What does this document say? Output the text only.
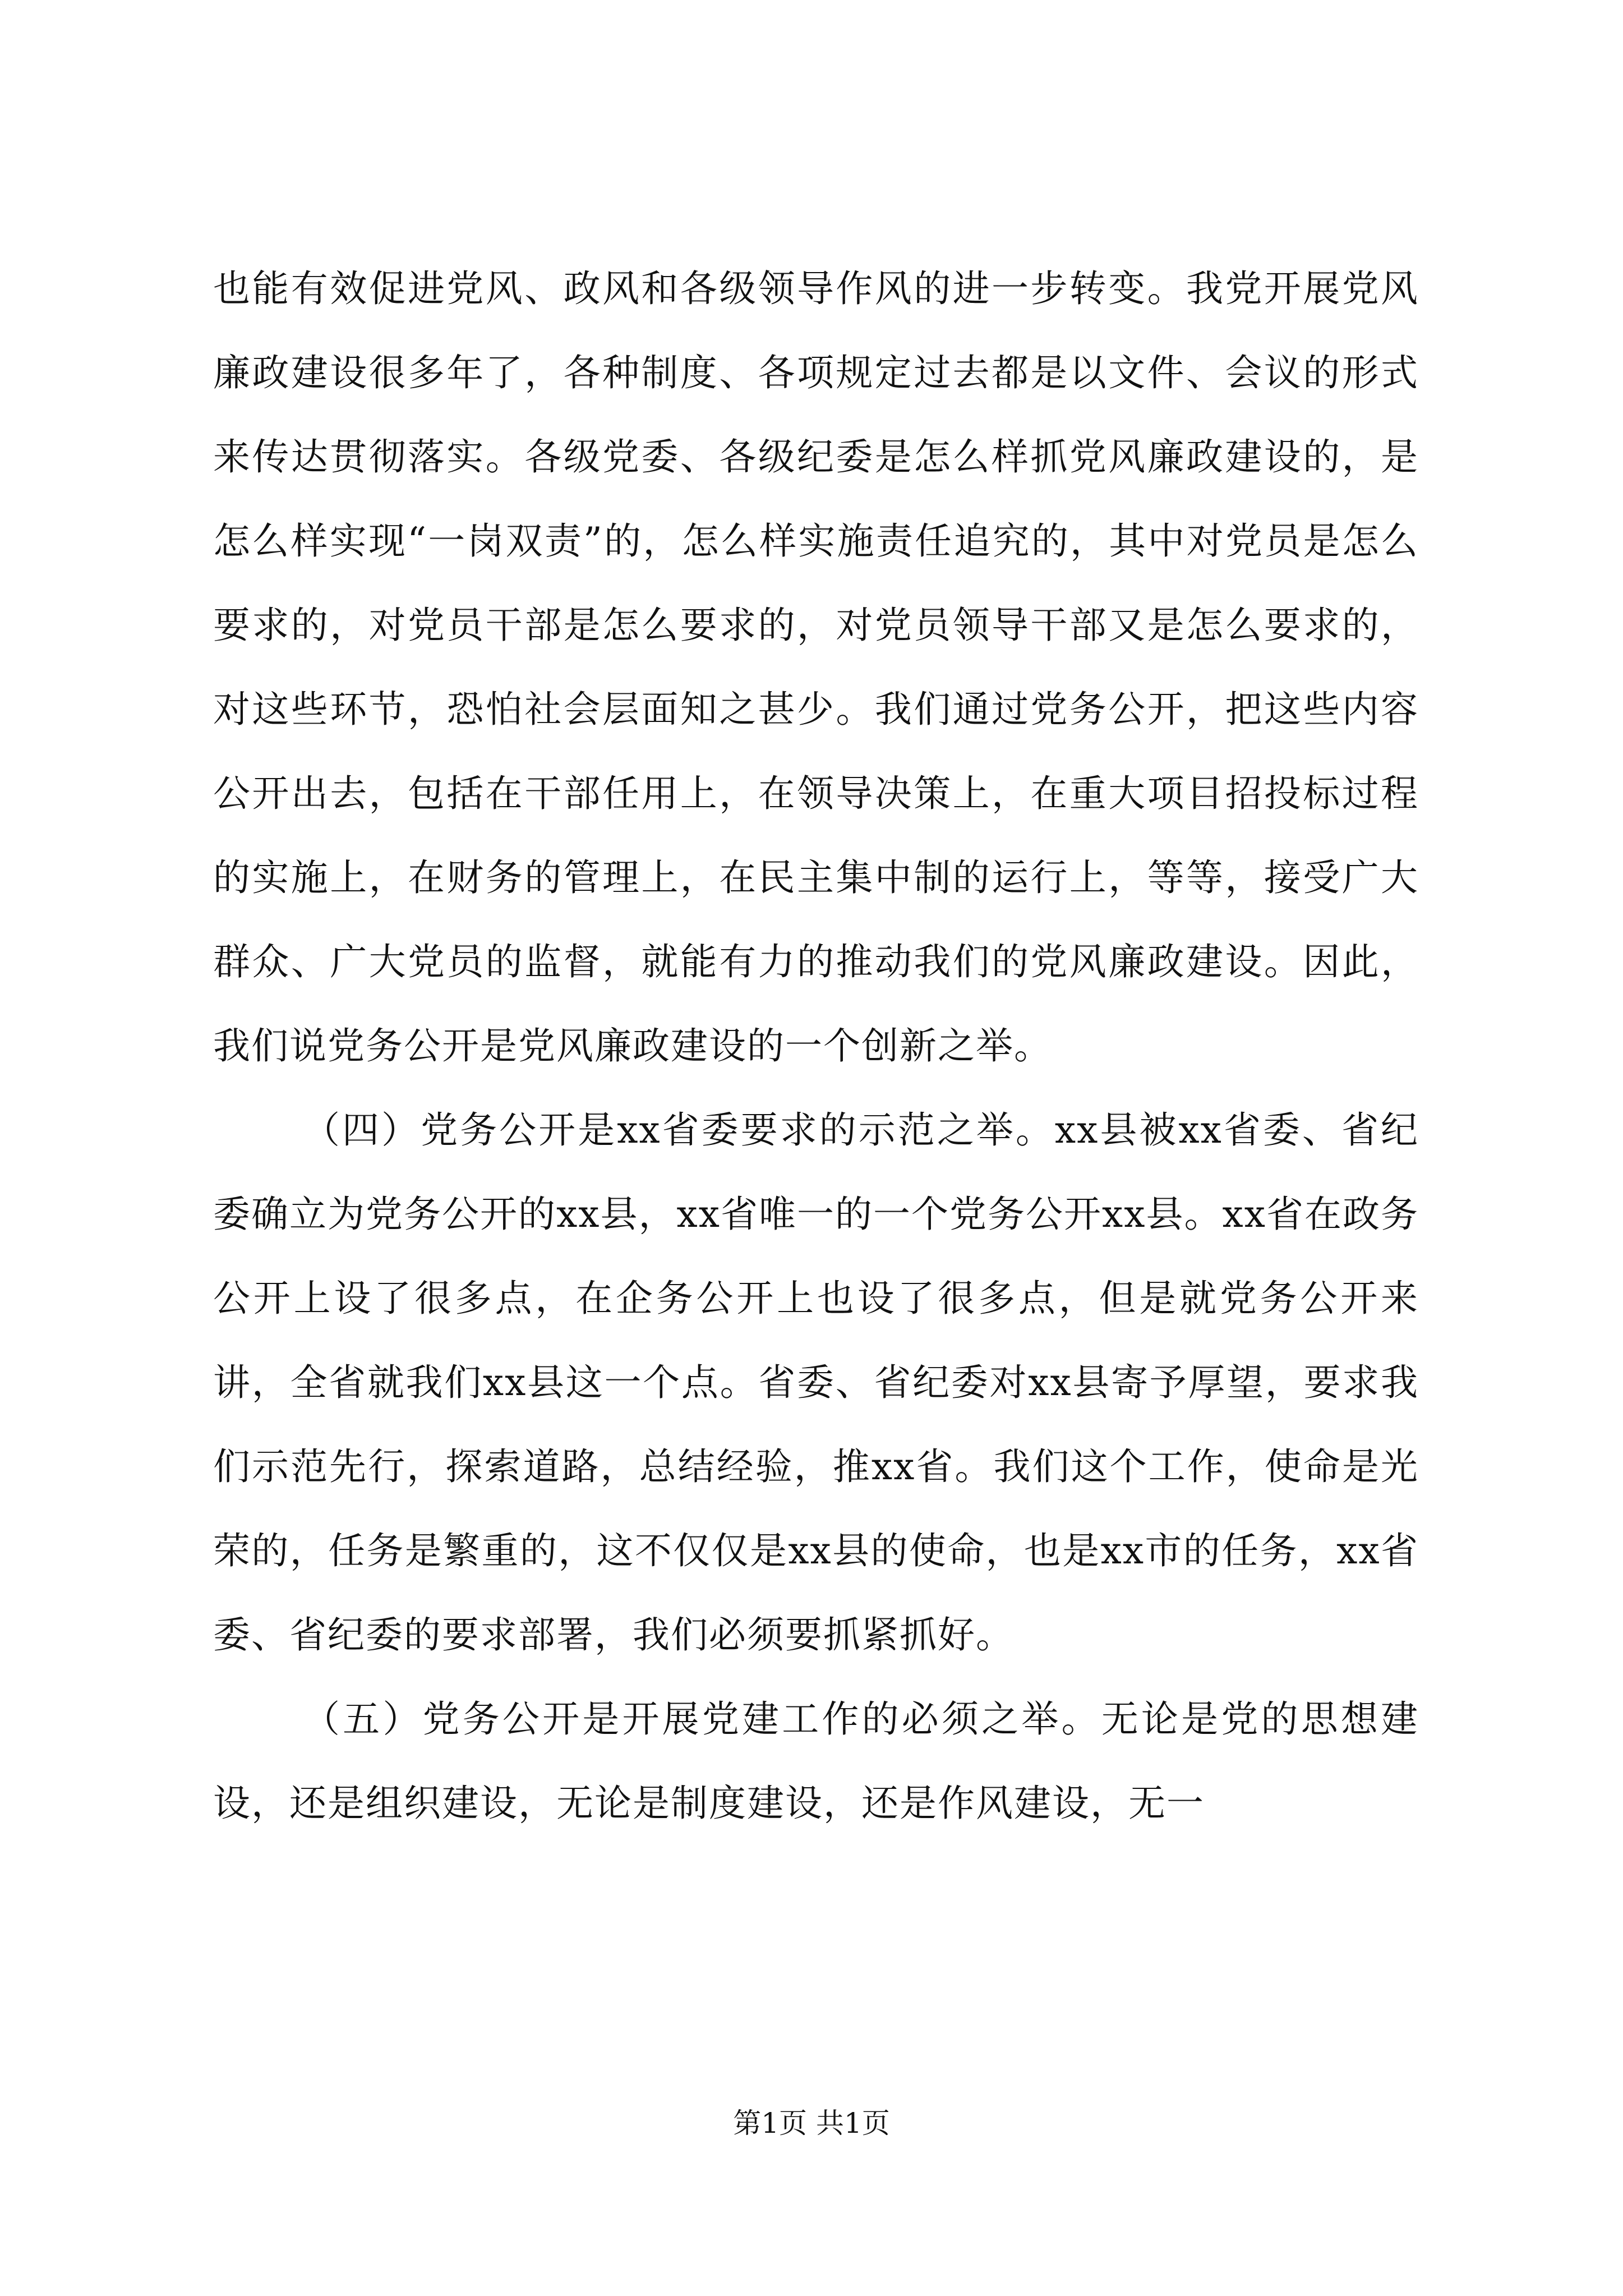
也能有效促进党风、政风和各级领导作风的进一步转变。我党开展党风廉政建设很多年了，各种制度、各项规定过去都是以文件、会议的形式来传达贯彻落实。各级党委、各级纪委是怎么样抓党风廉政建设的，是怎么样实现“一岗双责”的，怎么样实施责任追究的，其中对党员是怎么要求的，对党员干部是怎么要求的，对党员领导干部又是怎么要求的，对这些环节，恐怕社会层面知之甚少。我们通过党务公开，把这些内容公开出去，包括在干部任用上，在领导决策上，在重大项目招投标过程的实施上，在财务的管理上，在民主集中制的运行上，等等，接受广大群众、广大党员的监督，就能有力的推动我们的党风廉政建设。因此，我们说党务公开是党风廉政建设的一个创新之举。

（四）党务公开是xx省委要求的示范之举。xx县被xx省委、省纪委确立为党务公开的xx县，xx省唯一的一个党务公开xx县。xx省在政务公开上设了很多点，在企务公开上也设了很多点，但是就党务公开来讲，全省就我们xx县这一个点。省委、省纪委对xx县寄予厚望，要求我们示范先行，探索道路，总结经验，推xx省。我们这个工作，使命是光荣的，任务是繁重的，这不仅仅是xx县的使命，也是xx市的任务，xx省委、省纪委的要求部署，我们必须要抓紧抓好。

（五）党务公开是开展党建工作的必须之举。无论是党的思想建设，还是组织建设，无论是制度建设，还是作风建设，无一

第1页 共1页
